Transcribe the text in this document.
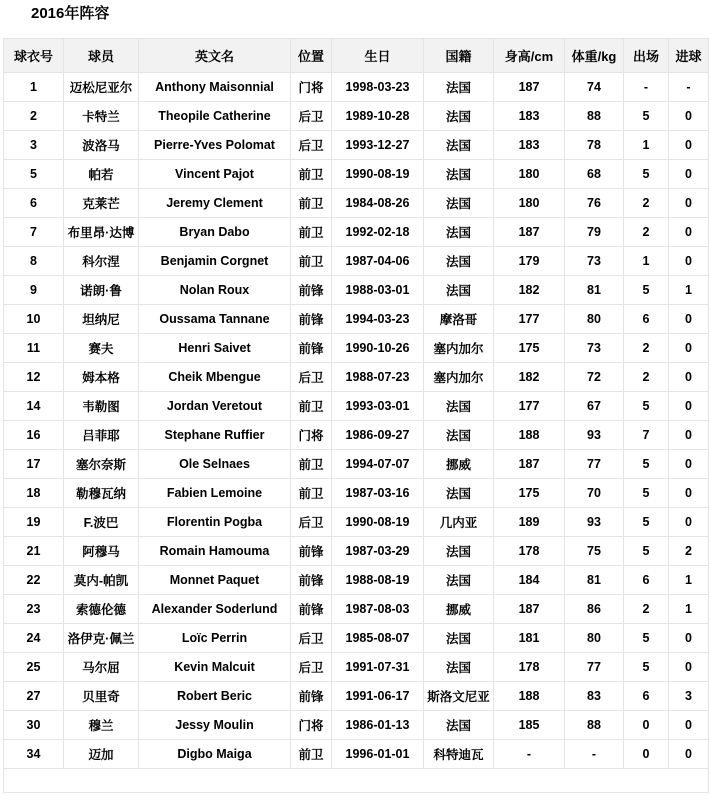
2016年阵容
球衣号	球员	英文名	位置	生日	国籍	身高/cm	体重/kg	出场	进球
1	迈松尼亚尔	Anthony Maisonnial	门将	1998-03-23	法国	187	74	-	-
2	卡特兰	Theopile Catherine	后卫	1989-10-28	法国	183	88	5	0
3	波洛马	Pierre-Yves Polomat	后卫	1993-12-27	法国	183	78	1	0
5	帕若	Vincent Pajot	前卫	1990-08-19	法国	180	68	5	0
6	克莱芒	Jeremy Clement	前卫	1984-08-26	法国	180	76	2	0
7	布里昂·达博	Bryan Dabo	前卫	1992-02-18	法国	187	79	2	0
8	科尔涅	Benjamin Corgnet	前卫	1987-04-06	法国	179	73	1	0
9	诺朗·鲁	Nolan Roux	前锋	1988-03-01	法国	182	81	5	1
10	坦纳尼	Oussama Tannane	前锋	1994-03-23	摩洛哥	177	80	6	0
11	赛夫	Henri Saivet	前锋	1990-10-26	塞内加尔	175	73	2	0
12	姆本格	Cheik Mbengue	后卫	1988-07-23	塞内加尔	182	72	2	0
14	韦勒图	Jordan Veretout	前卫	1993-03-01	法国	177	67	5	0
16	吕菲耶	Stephane Ruffier	门将	1986-09-27	法国	188	93	7	0
17	塞尔奈斯	Ole Selnaes	前卫	1994-07-07	挪威	187	77	5	0
18	勒穆瓦纳	Fabien Lemoine	前卫	1987-03-16	法国	175	70	5	0
19	F.波巴	Florentin Pogba	后卫	1990-08-19	几内亚	189	93	5	0
21	阿穆马	Romain Hamouma	前锋	1987-03-29	法国	178	75	5	2
22	莫内-帕凯	Monnet Paquet	前锋	1988-08-19	法国	184	81	6	1
23	索德伦德	Alexander Soderlund	前锋	1987-08-03	挪威	187	86	2	1
24	洛伊克·佩兰	Loïc Perrin	后卫	1985-08-07	法国	181	80	5	0
25	马尔屈	Kevin Malcuit	后卫	1991-07-31	法国	178	77	5	0
27	贝里奇	Robert Beric	前锋	1991-06-17	斯洛文尼亚	188	83	6	3
30	穆兰	Jessy Moulin	门将	1986-01-13	法国	185	88	0	0
34	迈加	Digbo Maiga	前卫	1996-01-01	科特迪瓦	-	-	0	0
